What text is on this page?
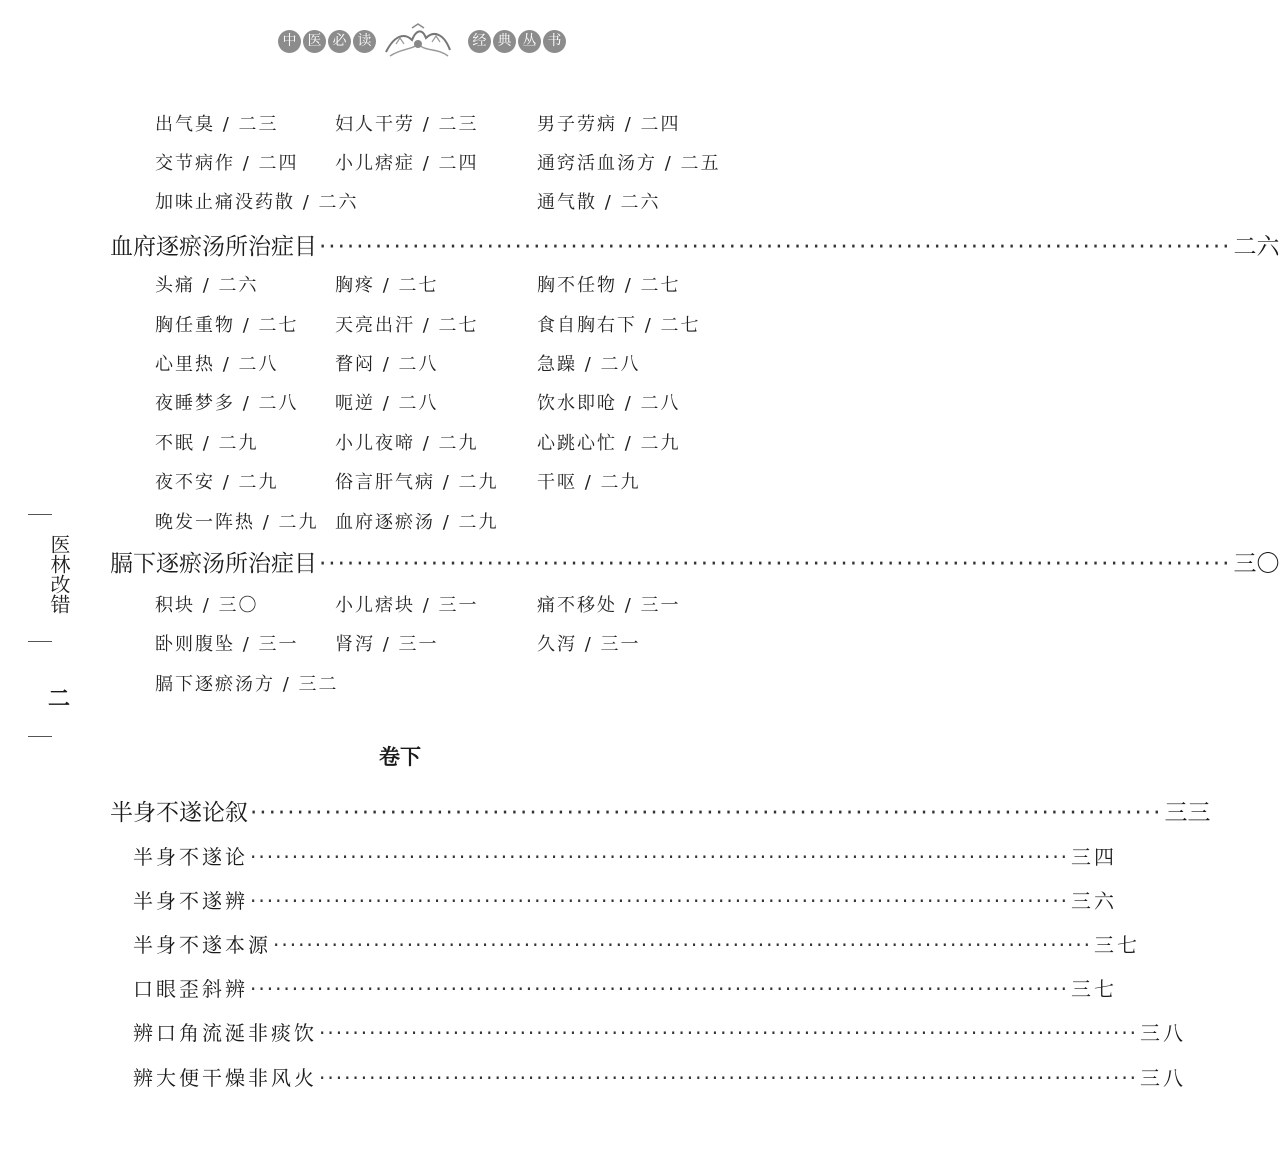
中 医 必 读	经 典 丛 书
出气臭 / 二三	妇人干劳 / 二三	男子劳病 / 二四
交节病作 / 二四 小儿痞症 / 二四	通窍活血汤方 / 二五
加味止痛没药散 / 二六	通气散 / 二六
血府逐瘀汤所治症目 ·································································································· 二六
头痛 / 二六	胸疼 / 二七	胸不任物 / 二七
胸任重物 / 二七 天亮出汗 / 二七	食自胸右下 / 二七
心里热 / 二八	瞀闷 / 二八	急躁 / 二八
夜睡梦多 / 二八 呃逆 / 二八	饮水即呛 / 二八
不眠 / 二九	小儿夜啼 / 二九	心跳心忙 / 二九
夜不安 / 二九	俗言肝气病 / 二九 干呕 / 二九
晚发一阵热 / 二九 血府逐瘀汤 / 二九
膈下逐瘀汤所治症目 ·································································································· 三〇
积块 / 三〇	小儿痞块 / 三一	痛不移处 / 三一
卧则腹坠 / 三一 肾泻 / 三一	久泻 / 三一
膈下逐瘀汤方 / 三二
卷下
半身不遂论叙 ·································································································· 三三
半身不遂论 ·································································································· 三四
半身不遂辨 ·································································································· 三六
半身不遂本源 ·································································································· 三七
口眼歪斜辨 ·································································································· 三七
辨口角流涎非痰饮 ·································································································· 三八
辨大便干燥非风火 ·································································································· 三八
医林改错
二
